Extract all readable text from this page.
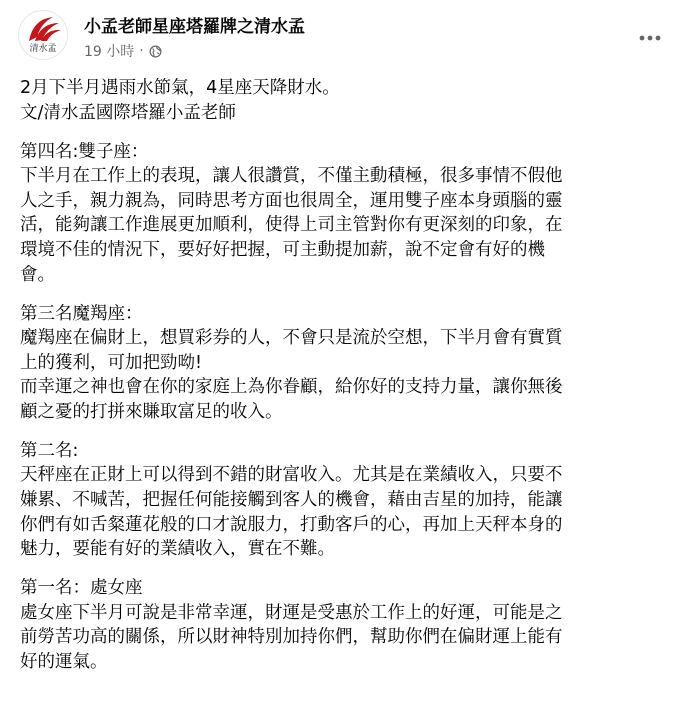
清水孟
小孟老師星座塔羅牌之清水孟
19 小時 ·
2月下半月遇雨水節氣，4星座天降財水。
文/清水孟國際塔羅小孟老師
第四名:雙子座：
下半月在工作上的表現，讓人很讚賞，不僅主動積極，很多事情不假他
人之手，親力親為，同時思考方面也很周全，運用雙子座本身頭腦的靈
活，能夠讓工作進展更加順利，使得上司主管對你有更深刻的印象，在
環境不佳的情況下，要好好把握，可主動提加薪，說不定會有好的機
會。
第三名魔羯座：
魔羯座在偏財上，想買彩券的人，不會只是流於空想，下半月會有實質
上的獲利，可加把勁呦!
而幸運之神也會在你的家庭上為你眷顧，給你好的支持力量，讓你無後
顧之憂的打拼來賺取富足的收入。
第二名:
天秤座在正財上可以得到不錯的財富收入。尤其是在業績收入，只要不
嫌累、不喊苦，把握任何能接觸到客人的機會，藉由吉星的加持，能讓
你們有如舌粲蓮花般的口才說服力，打動客戶的心，再加上天秤本身的
魅力，要能有好的業績收入，實在不難。
第一名：處女座
處女座下半月可說是非常幸運，財運是受惠於工作上的好運，可能是之
前勞苦功高的關係，所以財神特別加持你們，幫助你們在偏財運上能有
好的運氣。
